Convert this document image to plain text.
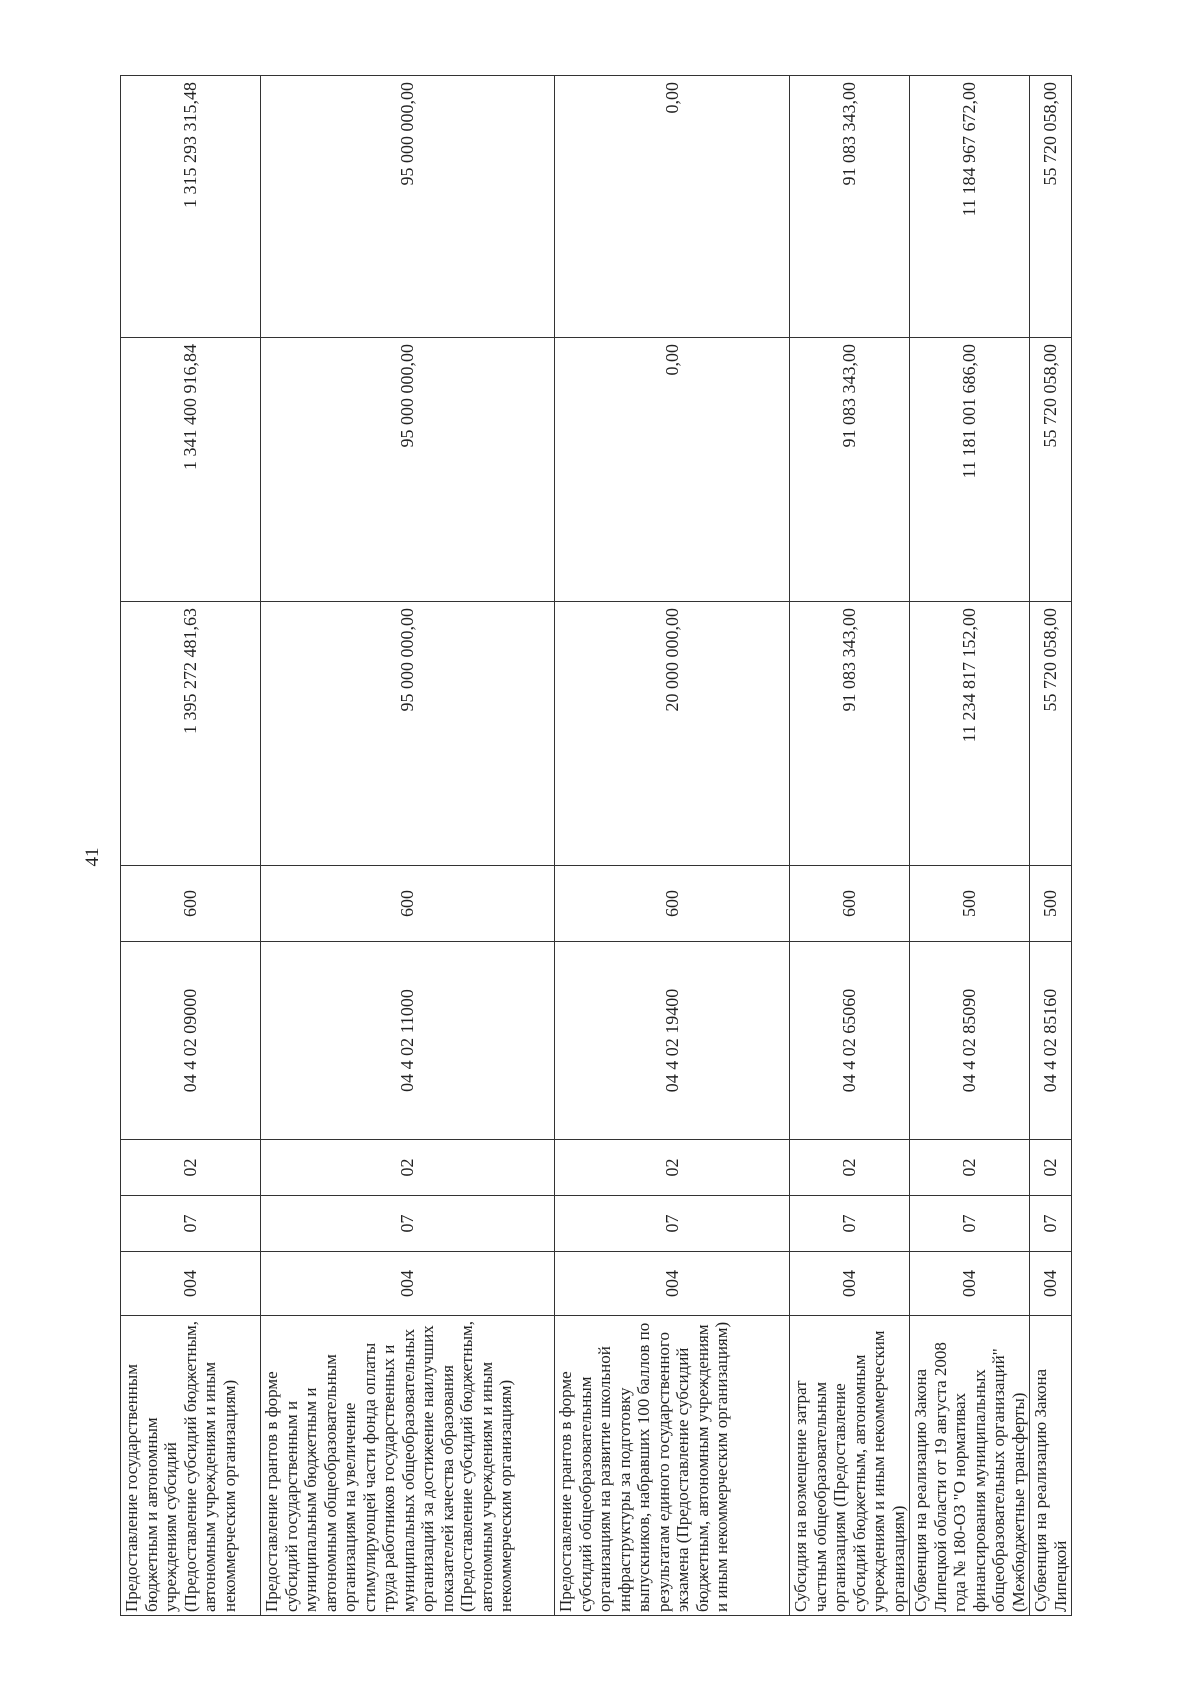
41
Предоставление государственным бюджетным и автономным учреждениям субсидий (Предоставление субсидий бюджетным, автономным учреждениям и иным некоммерческим организациям)	004	07	02	04 4 02 09000	600	1 395 272 481,63	1 341 400 916,84	1 315 293 315,48
Предоставление грантов в форме субсидий государственным и муниципальным бюджетным и автономным общеобразовательным организациям на увеличение стимулирующей части фонда оплаты труда работников государственных и муниципальных общеобразовательных организаций за достижение наилучших показателей качества образования (Предоставление субсидий бюджетным, автономным учреждениям и иным некоммерческим организациям)	004	07	02	04 4 02 11000	600	95 000 000,00	95 000 000,00	95 000 000,00
Предоставление грантов в форме субсидий общеобразовательным организациям на развитие школьной инфраструктуры за подготовку выпускников, набравших 100 баллов по результатам единого государственного экзамена (Предоставление субсидий бюджетным, автономным учреждениям и иным некоммерческим организациям)	004	07	02	04 4 02 19400	600	20 000 000,00	0,00	0,00
Субсидия на возмещение затрат частным общеобразовательным организациям (Предоставление субсидий бюджетным, автономным учреждениям и иным некоммерческим организациям)	004	07	02	04 4 02 65060	600	91 083 343,00	91 083 343,00	91 083 343,00
Субвенция на реализацию Закона Липецкой области от 19 августа 2008 года № 180-ОЗ "О нормативах финансирования муниципальных общеобразовательных организаций" (Межбюджетные трансферты)	004	07	02	04 4 02 85090	500	11 234 817 152,00	11 181 001 686,00	11 184 967 672,00
Субвенция на реализацию Закона Липецкой	004	07	02	04 4 02 85160	500	55 720 058,00	55 720 058,00	55 720 058,00
